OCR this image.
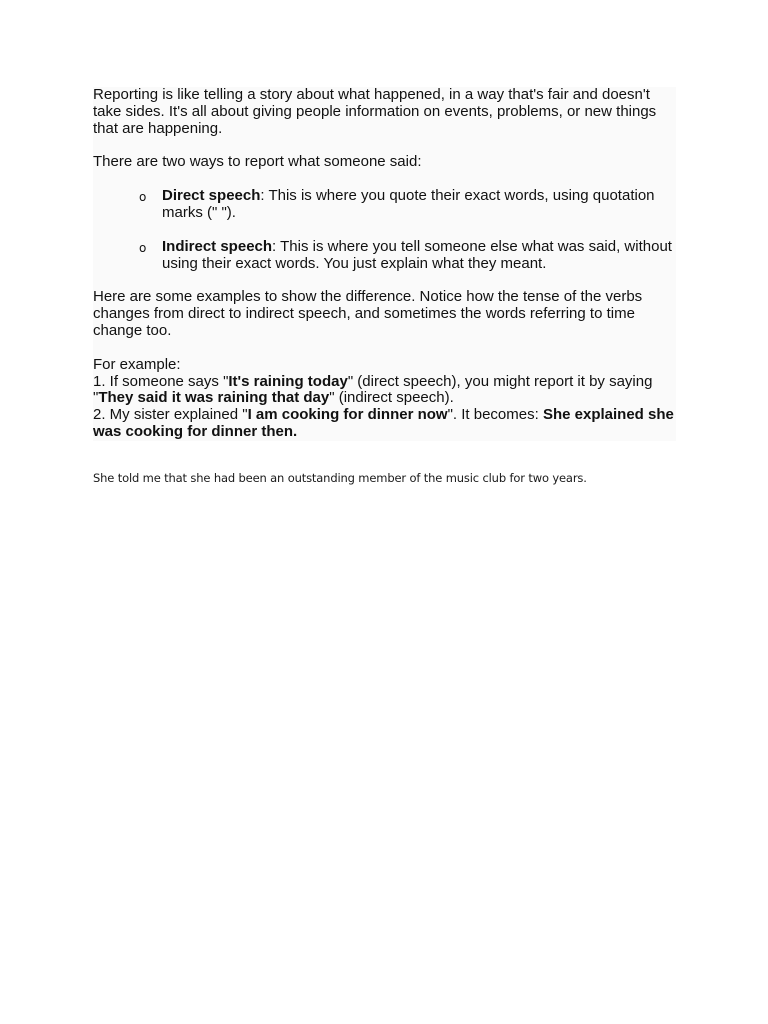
Reporting is like telling a story about what happened, in a way that's fair and doesn't take sides. It's all about giving people information on events, problems, or new things that are happening.

There are two ways to report what someone said:

o Direct speech: This is where you quote their exact words, using quotation marks (" ").
o Indirect speech: This is where you tell someone else what was said, without using their exact words. You just explain what they meant.

Here are some examples to show the difference. Notice how the tense of the verbs changes from direct to indirect speech, and sometimes the words referring to time change too.

For example:

1. If someone says "It's raining today" (direct speech), you might report it by saying "They said it was raining that day" (indirect speech).

2. My sister explained "I am cooking for dinner now". It becomes: She explained she was cooking for dinner then.

She told me that she had been an outstanding member of the music club for two years.
